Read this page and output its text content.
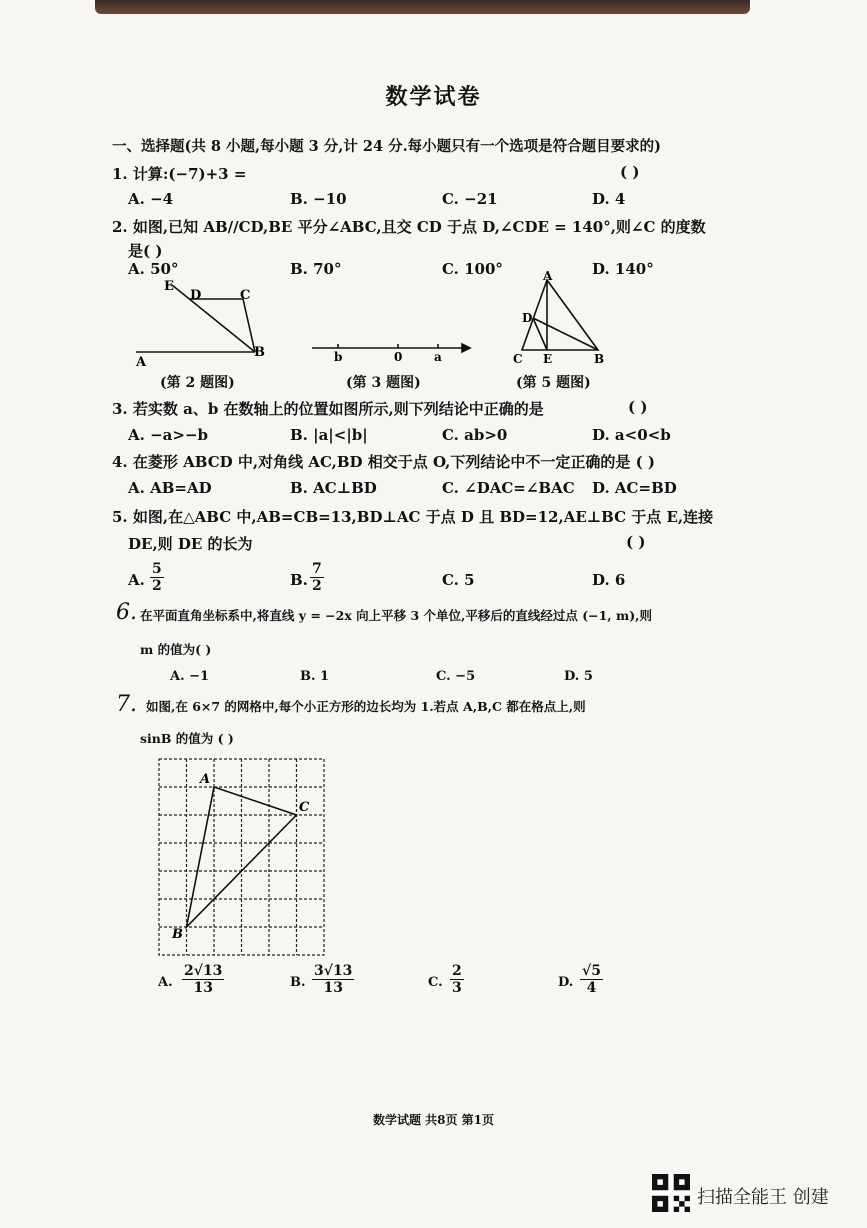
数学试卷
一、选择题(共 8 小题,每小题 3 分,计 24 分.每小题只有一个选项是符合题目要求的)
1. 计算:(−7)+3 =	( )
A. −4	B. −10	C. −21	D. 4
2. 如图,已知 AB//CD,BE 平分∠ABC,且交 CD 于点 D,∠CDE = 140°,则∠C 的度数
是( )
A. 50°	B. 70°	C. 100°	D. 140°
E
D	C
A
B	b	0	a
A
D
C E	B
(第 2 题图)	(第 3 题图)	(第 5 题图)
3. 若实数 a、b 在数轴上的位置如图所示,则下列结论中正确的是	( )
A. −a>−b	B. |a|<|b|	C. ab>0	D. a<0<b
4. 在菱形 ABCD 中,对角线 AC,BD 相交于点 O,下列结论中不一定正确的是 ( )
A. AB=AD	B. AC⊥BD	C. ∠DAC=∠BAC D. AC=BD
5. 如图,在△ABC 中,AB=CB=13,BD⊥AC 于点 D 且 BD=12,AE⊥BC 于点 E,连接
DE,则 DE 的长为	( )
A. $\frac{5}{2}$	B. $\frac{7}{2}$	C. 5	D. 6
6. 在平面直角坐标系中,将直线 y = −2x 向上平移 3 个单位,平移后的直线经过点 (−1, m),则
m 的值为( )
A. −1	B. 1	C. −5	D. 5
7. 如图,在 6×7 的网格中,每个小正方形的边长均为 1.若点 A,B,C 都在格点上,则
sinB 的值为 ( )
A
C
B
A. $\frac{2√13}{13}$	B. $\frac{3√13}{13}$	C. $\frac{2}{3}$	D. $\frac{√5}{4}$
数学试题 共8页 第1页
扫描全能王 创建
